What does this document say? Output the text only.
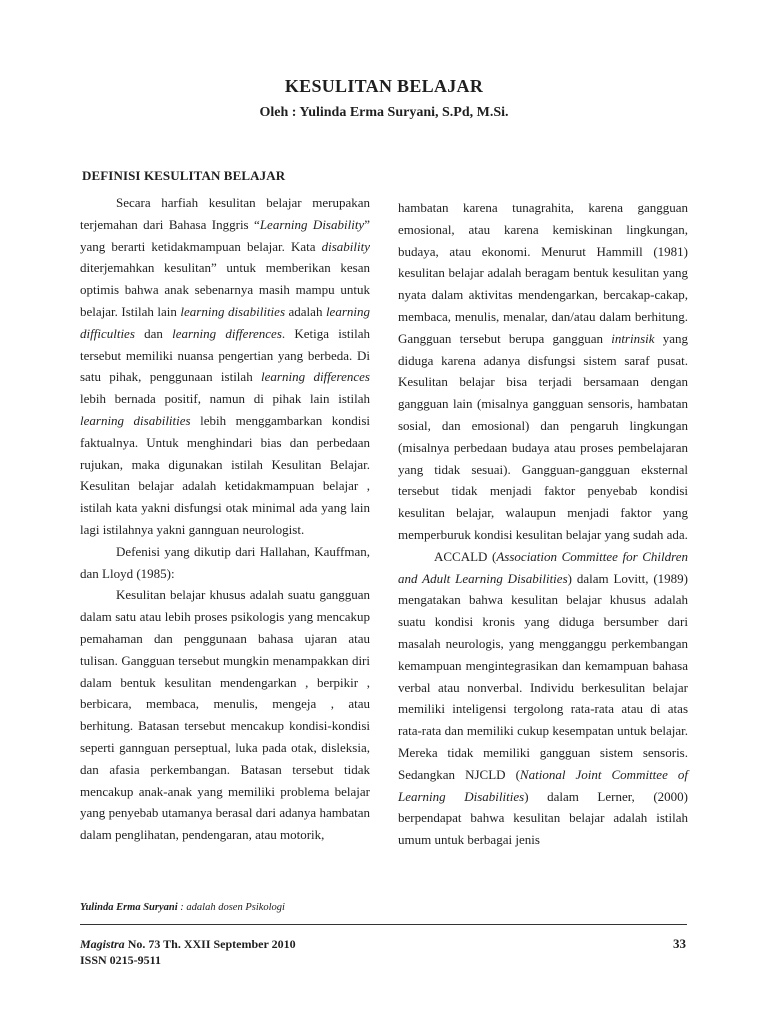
KESULITAN BELAJAR
Oleh : Yulinda Erma Suryani, S.Pd, M.Si.
DEFINISI KESULITAN BELAJAR

Secara harfiah kesulitan belajar merupakan terjemahan dari Bahasa Inggris “Learning Disability” yang berarti ketidakmampuan belajar. Kata disability diterjemahkan kesulitan” untuk memberikan kesan optimis bahwa anak sebenarnya masih mampu untuk belajar. Istilah lain learning disabilities adalah learning difficulties dan learning differences. Ketiga istilah tersebut memiliki nuansa pengertian yang berbeda. Di satu pihak, penggunaan istilah learning differences lebih bernada positif, namun di pihak lain istilah learning disabilities lebih menggambarkan kondisi faktualnya. Untuk menghindari bias dan perbedaan rujukan, maka digunakan istilah Kesulitan Belajar. Kesulitan belajar adalah ketidakmampuan belajar , istilah kata yakni disfungsi otak minimal ada yang lain lagi istilahnya yakni gannguan neurologist.

Defenisi yang dikutip dari Hallahan, Kauffman, dan Lloyd (1985):

Kesulitan belajar khusus adalah suatu gangguan dalam satu atau lebih proses psikologis yang mencakup pemahaman dan penggunaan bahasa ujaran atau tulisan. Gangguan tersebut mungkin menampakkan diri dalam bentuk kesulitan mendengarkan , berpikir , berbicara, membaca, menulis, mengeja , atau berhitung. Batasan tersebut mencakup kondisi-kondisi seperti gannguan perseptual, luka pada otak, disleksia, dan afasia perkembangan. Batasan tersebut tidak mencakup anak-anak yang memiliki problema belajar yang penyebab utamanya berasal dari adanya hambatan dalam penglihatan, pendengaran, atau motorik,

hambatan karena tunagrahita, karena gangguan emosional, atau karena kemiskinan lingkungan, budaya, atau ekonomi. Menurut Hammill (1981) kesulitan belajar adalah beragam bentuk kesulitan yang nyata dalam aktivitas mendengarkan, bercakap-cakap, membaca, menulis, menalar, dan/atau dalam berhitung. Gangguan tersebut berupa gangguan intrinsik yang diduga karena adanya disfungsi sistem saraf pusat. Kesulitan belajar bisa terjadi bersamaan dengan gangguan lain (misalnya gangguan sensoris, hambatan sosial, dan emosional) dan pengaruh lingkungan (misalnya perbedaan budaya atau proses pembelajaran yang tidak sesuai). Gangguan-gangguan eksternal tersebut tidak menjadi faktor penyebab kondisi kesulitan belajar, walaupun menjadi faktor yang memperburuk kondisi kesulitan belajar yang sudah ada.

ACCALD (Association Committee for Children and Adult Learning Disabilities) dalam Lovitt, (1989) mengatakan bahwa kesulitan belajar khusus adalah suatu kondisi kronis yang diduga bersumber dari masalah neurologis, yang mengganggu perkembangan kemampuan mengintegrasikan dan kemampuan bahasa verbal atau nonverbal. Individu berkesulitan belajar memiliki inteligensi tergolong rata-rata atau di atas rata-rata dan memiliki cukup kesempatan untuk belajar. Mereka tidak memiliki gangguan sistem sensoris. Sedangkan NJCLD (National Joint Committee of Learning Disabilities) dalam Lerner, (2000) berpendapat bahwa kesulitan belajar adalah istilah umum untuk berbagai jenis

Yulinda Erma Suryani : adalah dosen Psikologi
Magistra No. 73 Th. XXII September 2010
ISSN 0215-9511
33
